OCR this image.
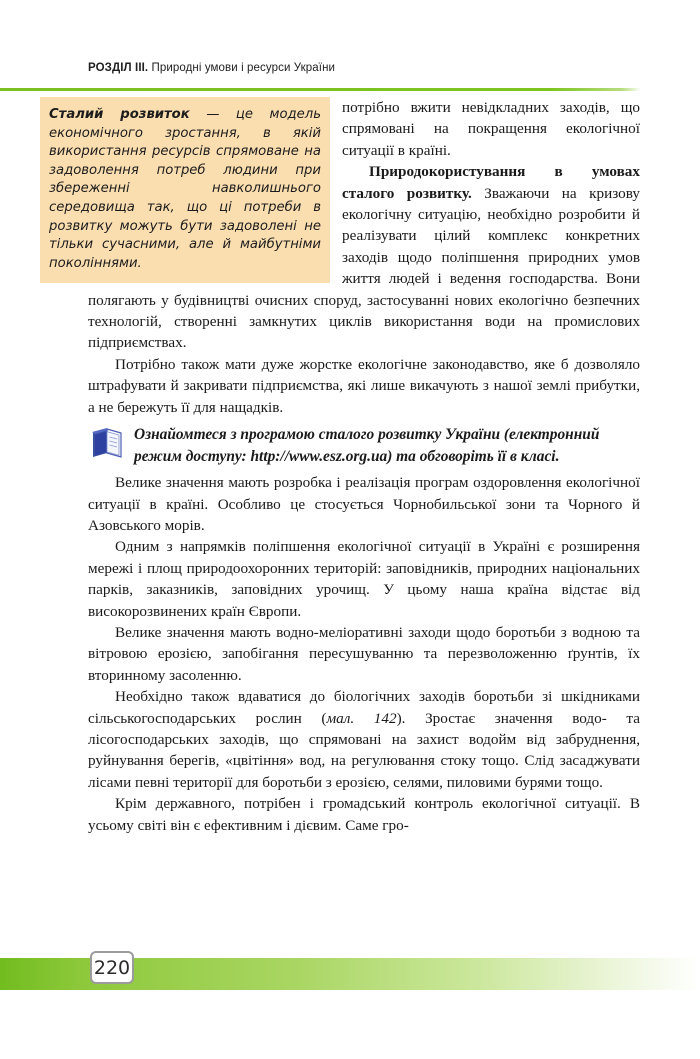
РОЗДІЛ III. Природні умови і ресурси України
Сталий розвиток — це модель економічного зростання, в якій використання ресурсів спрямоване на задоволення потреб людини при збереженні навколишнього середовища так, що ці потреби в розвитку можуть бути задоволені не тільки сучасними, але й майбутніми поколіннями.

потрібно вжити невідкладних заходів, що спрямовані на покращення екологічної ситуації в країні.

Природокористування в умовах сталого розвитку. Зважаючи на кризову екологічну ситуацію, необхідно розробити й реалізувати цілий комплекс конкретних заходів щодо поліпшення природних умов життя людей і ведення господарства. Вони полягають у будівництві очисних споруд, застосуванні нових екологічно безпечних технологій, створенні замкнутих циклів використання води на промислових підприємствах.

Потрібно також мати дуже жорстке екологічне законодавство, яке б дозволяло штрафувати й закривати підприємства, які лише викачують з нашої землі прибутки, а не бережуть її для нащадків.

Ознайомтеся з програмою сталого розвитку України (електронний режим доступу: http://www.esz.org.ua) та обговоріть її в класі.

Велике значення мають розробка і реалізація програм оздоровлення екологічної ситуації в країні. Особливо це стосується Чорнобильської зони та Чорного й Азовського морів.

Одним з напрямків поліпшення екологічної ситуації в Україні є розширення мережі і площ природоохоронних територій: заповідників, природних національних парків, заказників, заповідних урочищ. У цьому наша країна відстає від високорозвинених країн Європи.

Велике значення мають водно-меліоративні заходи щодо боротьби з водною та вітровою ерозією, запобігання пересушуванню та перезволоженню ґрунтів, їх вторинному засоленню.

Необхідно також вдаватися до біологічних заходів боротьби зі шкідниками сільськогосподарських рослин (мал. 142). Зростає значення водо- та лісогосподарських заходів, що спрямовані на захист водойм від забруднення, руйнування берегів, «цвітіння» вод, на регулювання стоку тощо. Слід засаджувати лісами певні території для боротьби з ерозією, селями, пиловими бурями тощо.

Крім державного, потрібен і громадський контроль екологічної ситуації. В усьому світі він є ефективним і дієвим. Саме гро-

220
